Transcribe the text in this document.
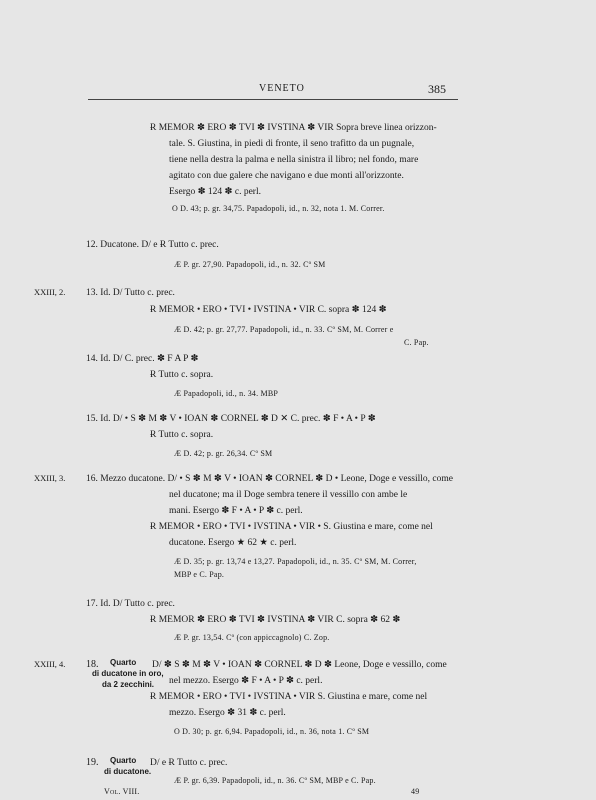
VENETO	385
Ɍ MEMOR ✽ ERO ✽ TVI ✽ IVSTINA ✽ VIR Sopra breve linea orizzon-
tale. S. Giustina, in piedi di fronte, il seno trafitto da un pugnale,
tiene nella destra la palma e nella sinistra il libro; nel fondo, mare
agitato con due galere che navigano e due monti all'orizzonte.
Esergo ✽ 124 ✽ c. perl.
O D. 43; p. gr. 34,75. Papadopoli, id., n. 32, nota 1. M. Correr.
12. Ducatone. D/ e Ɍ Tutto c. prec.
Æ P. gr. 27,90. Papadopoli, id., n. 32. Cº SM
XXIII, 2. 13. Id. D/ Tutto c. prec.
Ɍ MEMOR • ERO • TVI • IVSTINA • VIR C. sopra ✽ 124 ✽
Æ D. 42; p. gr. 27,77. Papadopoli, id., n. 33. Cº SM, M. Correr e
C. Pap.
14. Id. D/ C. prec. ✽ F A P ✽
Ɍ Tutto c. sopra.
Æ Papadopoli, id., n. 34. MBP
15. Id. D/ • S ✽ M ✽ V • IOAN ✽ CORNEL ✽ D ✕ C. prec. ✽ F • A • P ✽
Ɍ Tutto c. sopra.
Æ D. 42; p. gr. 26,34. Cº SM
XXIII, 3. 16. Mezzo ducatone. D/ • S ✽ M ✽ V • IOAN ✽ CORNEL ✽ D • Leone, Doge e vessillo, come
nel ducatone; ma il Doge sembra tenere il vessillo con ambe le
mani. Esergo ✽ F • A • P ✽ c. perl.
Ɍ MEMOR • ERO • TVI • IVSTINA • VIR • S. Giustina e mare, come nel
ducatone. Esergo ★ 62 ★ c. perl.
Æ D. 35; p. gr. 13,74 e 13,27. Papadopoli, id., n. 35. Cº SM, M. Correr,
MBP e C. Pap.
17. Id. D/ Tutto c. prec.
Ɍ MEMOR ✽ ERO ✽ TVI ✽ IVSTINA ✽ VIR C. sopra ✽ 62 ✽
Æ P. gr. 13,54. Cº (con appiccagnolo) C. Zop.
XXIII, 4. 18. Quarto
di ducatone in oro,
da 2 zecchini.
D/ ✽ S ✽ M ✽ V • IOAN ✽ CORNEL ✽ D ✽ Leone, Doge e vessillo, come
nel mezzo. Esergo ✽ F • A • P ✽ c. perl.
Ɍ MEMOR • ERO • TVI • IVSTINA • VIR S. Giustina e mare, come nel
mezzo. Esergo ✽ 31 ✽ c. perl.
O D. 30; p. gr. 6,94. Papadopoli, id., n. 36, nota 1. Cº SM
19. Quarto
di ducatone.
D/ e Ɍ Tutto c. prec.
Æ P. gr. 6,39. Papadopoli, id., n. 36. Cº SM, MBP e C. Pap.
Vol. VIII.	49
